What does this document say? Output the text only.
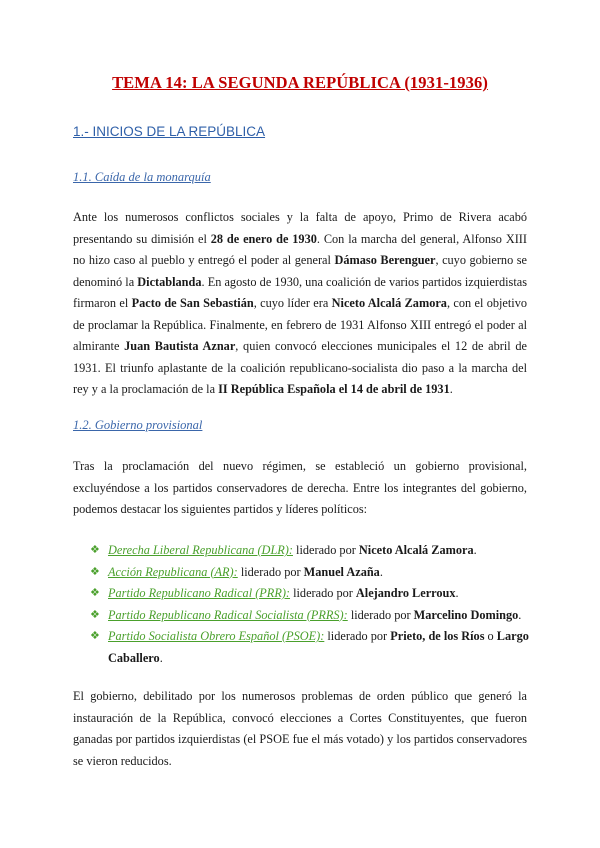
TEMA 14: LA SEGUNDA REPÚBLICA (1931-1936)
1.- INICIOS DE LA REPÚBLICA
1.1. Caída de la monarquía

Ante los numerosos conflictos sociales y la falta de apoyo, Primo de Rivera acabó presentando su dimisión el 28 de enero de 1930. Con la marcha del general, Alfonso XIII no hizo caso al pueblo y entregó el poder al general Dámaso Berenguer, cuyo gobierno se denominó la Dictablanda. En agosto de 1930, una coalición de varios partidos izquierdistas firmaron el Pacto de San Sebastián, cuyo líder era Niceto Alcalá Zamora, con el objetivo de proclamar la República. Finalmente, en febrero de 1931 Alfonso XIII entregó el poder al almirante Juan Bautista Aznar, quien convocó elecciones municipales el 12 de abril de 1931. El triunfo aplastante de la coalición republicano-socialista dio paso a la marcha del rey y a la proclamación de la II República Española el 14 de abril de 1931.

1.2. Gobierno provisional

Tras la proclamación del nuevo régimen, se estableció un gobierno provisional, excluyéndose a los partidos conservadores de derecha. Entre los integrantes del gobierno, podemos destacar los siguientes partidos y líderes políticos:

❖ Derecha Liberal Republicana (DLR): liderado por Niceto Alcalá Zamora.
❖ Acción Republicana (AR): liderado por Manuel Azaña.
❖ Partido Republicano Radical (PRR): liderado por Alejandro Lerroux.
❖ Partido Republicano Radical Socialista (PRRS): liderado por Marcelino Domingo.
❖ Partido Socialista Obrero Español (PSOE): liderado por Prieto, de los Ríos o Largo Caballero.

El gobierno, debilitado por los numerosos problemas de orden público que generó la instauración de la República, convocó elecciones a Cortes Constituyentes, que fueron ganadas por partidos izquierdistas (el PSOE fue el más votado) y los partidos conservadores se vieron reducidos.
